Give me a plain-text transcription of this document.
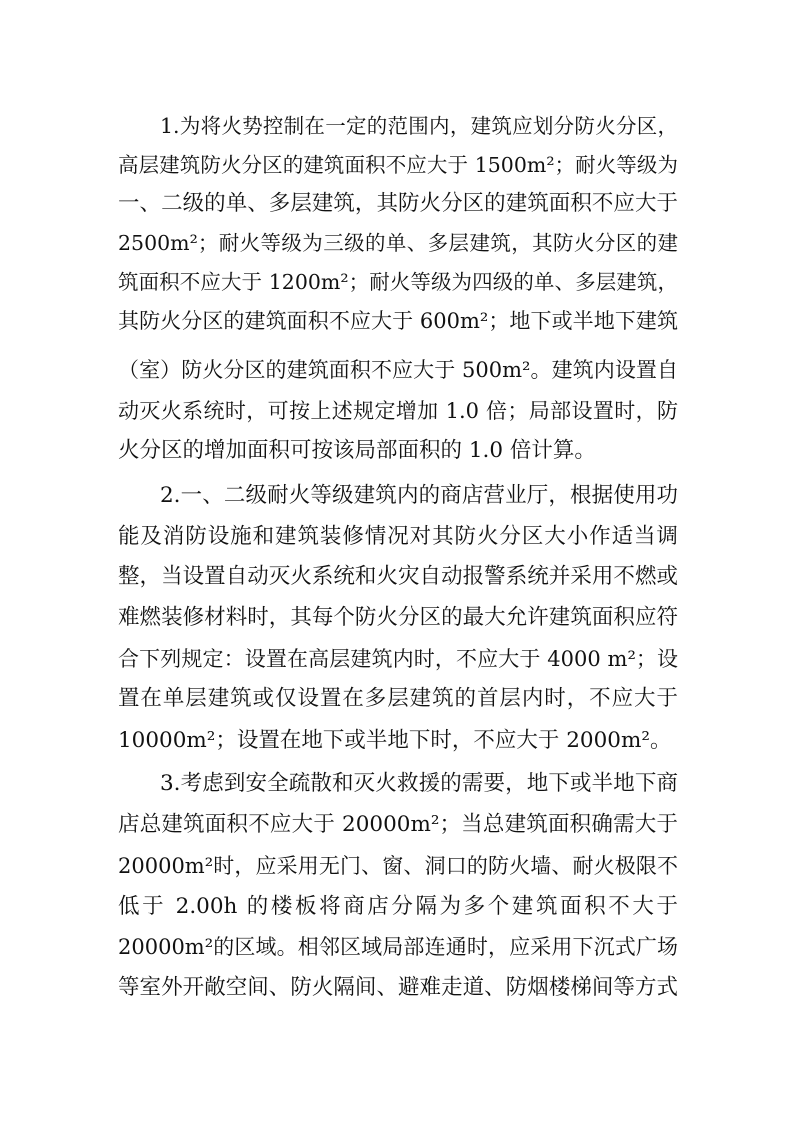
1.为将火势控制在一定的范围内，建筑应划分防火分区，

高层建筑防火分区的建筑面积不应大于 1500m²；耐火等级为

一、二级的单、多层建筑，其防火分区的建筑面积不应大于

2500m²；耐火等级为三级的单、多层建筑，其防火分区的建

筑面积不应大于 1200m²；耐火等级为四级的单、多层建筑，

其防火分区的建筑面积不应大于 600m²；地下或半地下建筑

（室）防火分区的建筑面积不应大于 500m²。建筑内设置自

动灭火系统时，可按上述规定增加 1.0 倍；局部设置时，防

火分区的增加面积可按该局部面积的 1.0 倍计算。

2.一、二级耐火等级建筑内的商店营业厅，根据使用功

能及消防设施和建筑装修情况对其防火分区大小作适当调

整，当设置自动灭火系统和火灾自动报警系统并采用不燃或

难燃装修材料时，其每个防火分区的最大允许建筑面积应符

合下列规定：设置在高层建筑内时，不应大于 4000 m²；设

置在单层建筑或仅设置在多层建筑的首层内时，不应大于

10000m²；设置在地下或半地下时，不应大于 2000m²。

3.考虑到安全疏散和灭火救援的需要，地下或半地下商

店总建筑面积不应大于 20000m²；当总建筑面积确需大于

20000m²时，应采用无门、窗、洞口的防火墙、耐火极限不

低于 2.00h 的楼板将商店分隔为多个建筑面积不大于

20000m²的区域。相邻区域局部连通时，应采用下沉式广场

等室外开敞空间、防火隔间、避难走道、防烟楼梯间等方式
